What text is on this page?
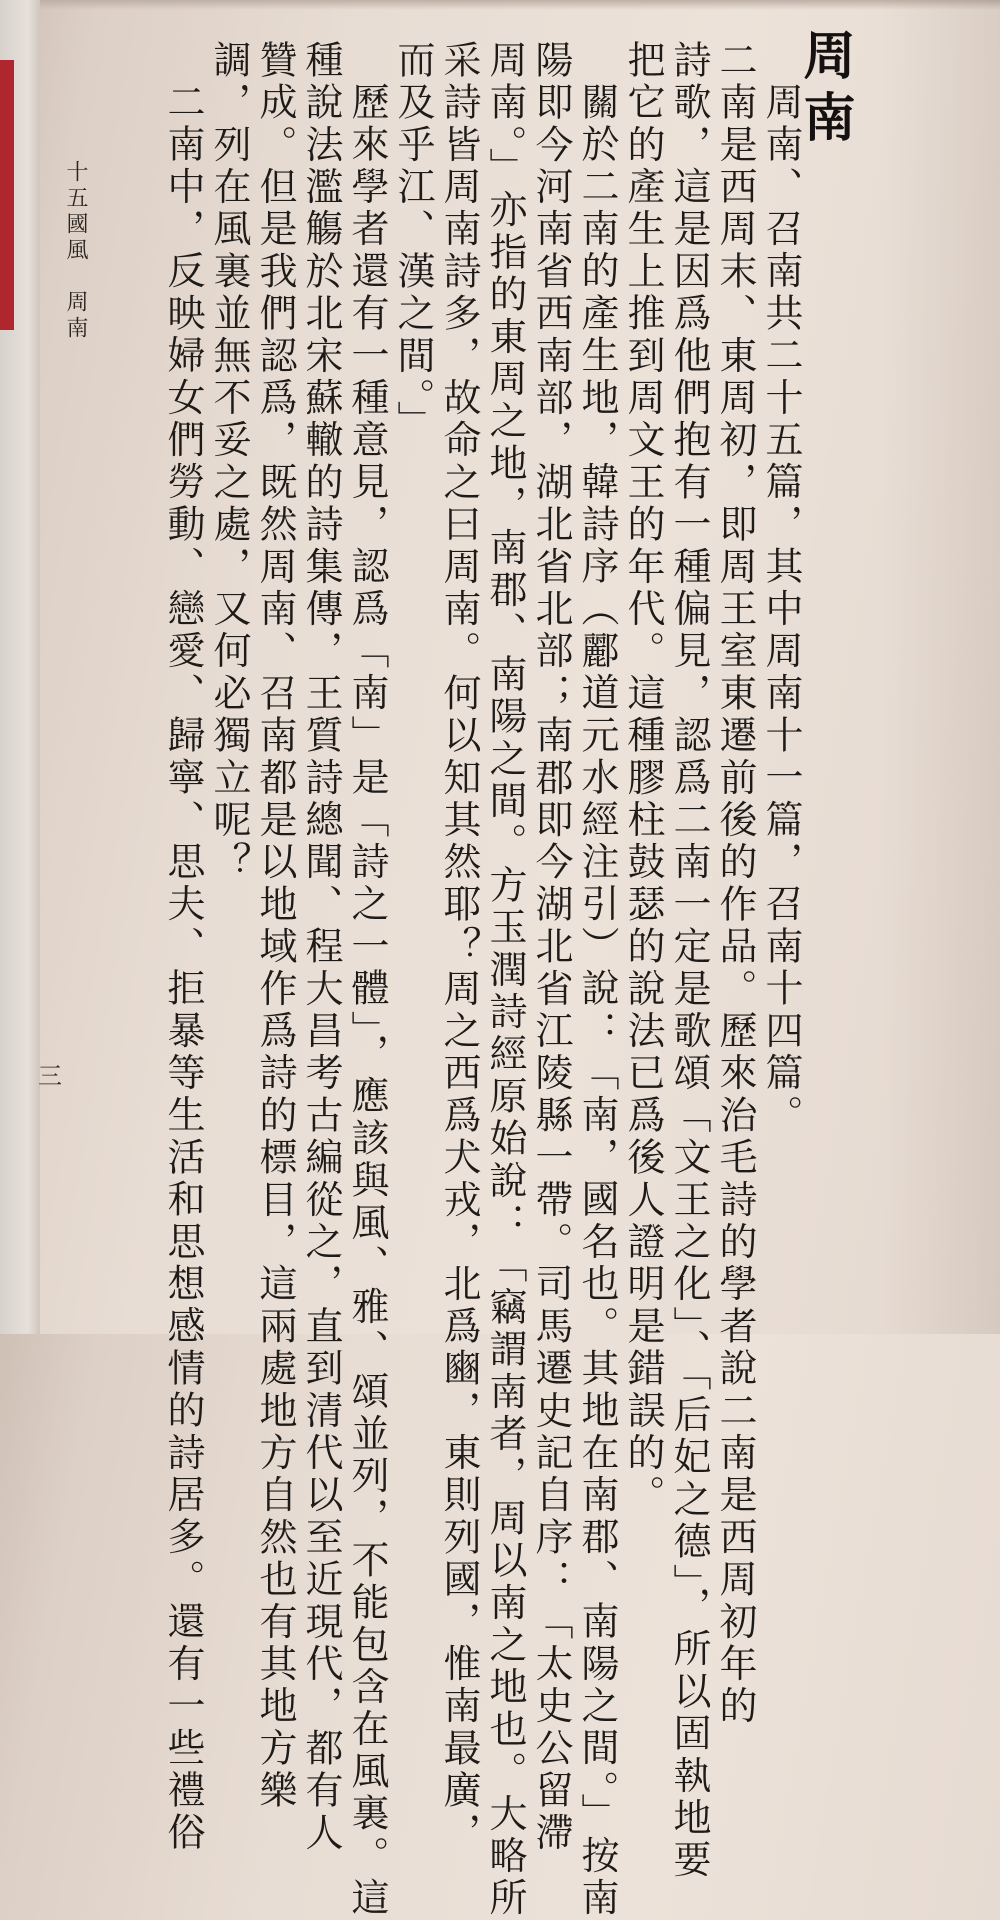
周南
周南、召南共二十五篇，其中周南十一篇，召南十四篇。
二南是西周末、東周初，即周王室東遷前後的作品。歷來治毛詩的學者說二南是西周初年的
詩歌，這是因爲他們抱有一種偏見，認爲二南一定是歌頌「文王之化」、「后妃之德」，所以固執地要
把它的產生上推到周文王的年代。這種膠柱鼓瑟的說法已爲後人證明是錯誤的。
關於二南的產生地，韓詩序（酈道元水經注引）說：「南，國名也。其地在南郡、南陽之間。」按南
陽即今河南省西南部，湖北省北部；南郡即今湖北省江陵縣一帶。司馬遷史記自序：「太史公留滯
周南。」亦指的東周之地，南郡、南陽之間。方玉潤詩經原始說：「竊謂南者，周以南之地也。大略所
采詩皆周南詩多，故命之曰周南。何以知其然耶？周之西爲犬戎，北爲豳，東則列國，惟南最廣，
而及乎江、漢之間。」
歷來學者還有一種意見，認爲「南」是「詩之一體」，應該與風、雅、頌並列，不能包含在風裏。這
種說法濫觴於北宋蘇轍的詩集傳，王質詩總聞、程大昌考古編從之，直到清代以至近現代，都有人
贊成。但是我們認爲，既然周南、召南都是以地域作爲詩的標目，這兩處地方自然也有其地方樂
調，列在風裏並無不妥之處，又何必獨立呢？
二南中，反映婦女們勞動、戀愛、歸寧、思夫、拒暴等生活和思想感情的詩居多。還有一些禮俗
十五國風　周南
三
